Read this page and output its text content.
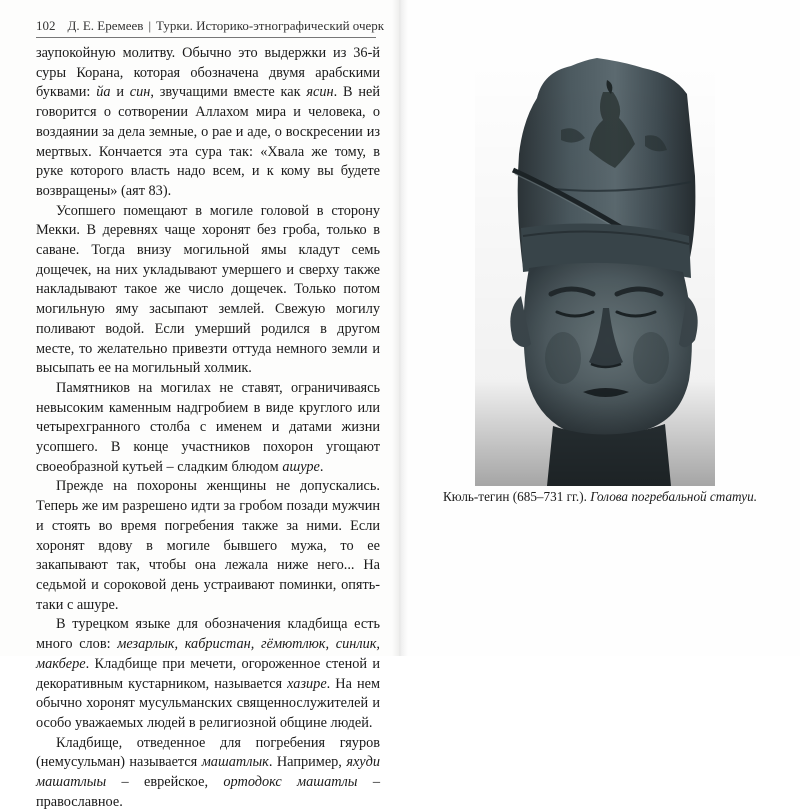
102 Д. Е. Еремеев | Турки. Историко-этнографический очерк

заупокойную молитву. Обычно это выдержки из 36-й суры Корана, которая обозначена двумя арабскими буквами: йа и син, звучащими вместе как ясин. В ней говорится о сотворении Аллахом мира и человека, о воздаянии за дела земные, о рае и аде, о воскресении из мертвых. Кончается эта сура так: «Хвала же тому, в руке которого власть надо всем, и к кому вы будете возвращены» (аят 83).

Усопшего помещают в могиле головой в сторону Мекки. В деревнях чаще хоронят без гроба, только в саване. Тогда внизу могильной ямы кладут семь дощечек, на них укладывают умершего и сверху также накладывают такое же число дощечек. Только потом могильную яму засыпают землей. Свежую могилу поливают водой. Если умерший родился в другом месте, то желательно привезти оттуда немного земли и высыпать ее на могильный холмик.

Памятников на могилах не ставят, ограничиваясь невысоким каменным надгробием в виде круглого или четырехгранного столба с именем и датами жизни усопшего. В конце участников похорон угощают своеобразной кутьей – сладким блюдом ашуре.

Прежде на похороны женщины не допускались. Теперь же им разрешено идти за гробом позади мужчин и стоять во время погребения также за ними. Если хоронят вдову в могиле бывшего мужа, то ее закапывают так, чтобы она лежала ниже него... На седьмой и сороковой день устраивают поминки, опять-таки с ашуре.

В турецком языке для обозначения кладбища есть много слов: мезарлык, кабристан, гёмютлюк, синлик, макбере. Кладбище при мечети, огороженное стеной и декоративным кустарником, называется хазире. На нем обычно хоронят мусульманских священнослужителей и особо уважаемых людей в религиозной общине людей.

Кладбище, отведенное для погребения гяуров (немусульман) называется машатлык. Например, яхуди машатлыы – еврейское, ортодокс машатлы – православное.

Кюль-тегин (685–731 гг.). Голова погребальной статуи.
